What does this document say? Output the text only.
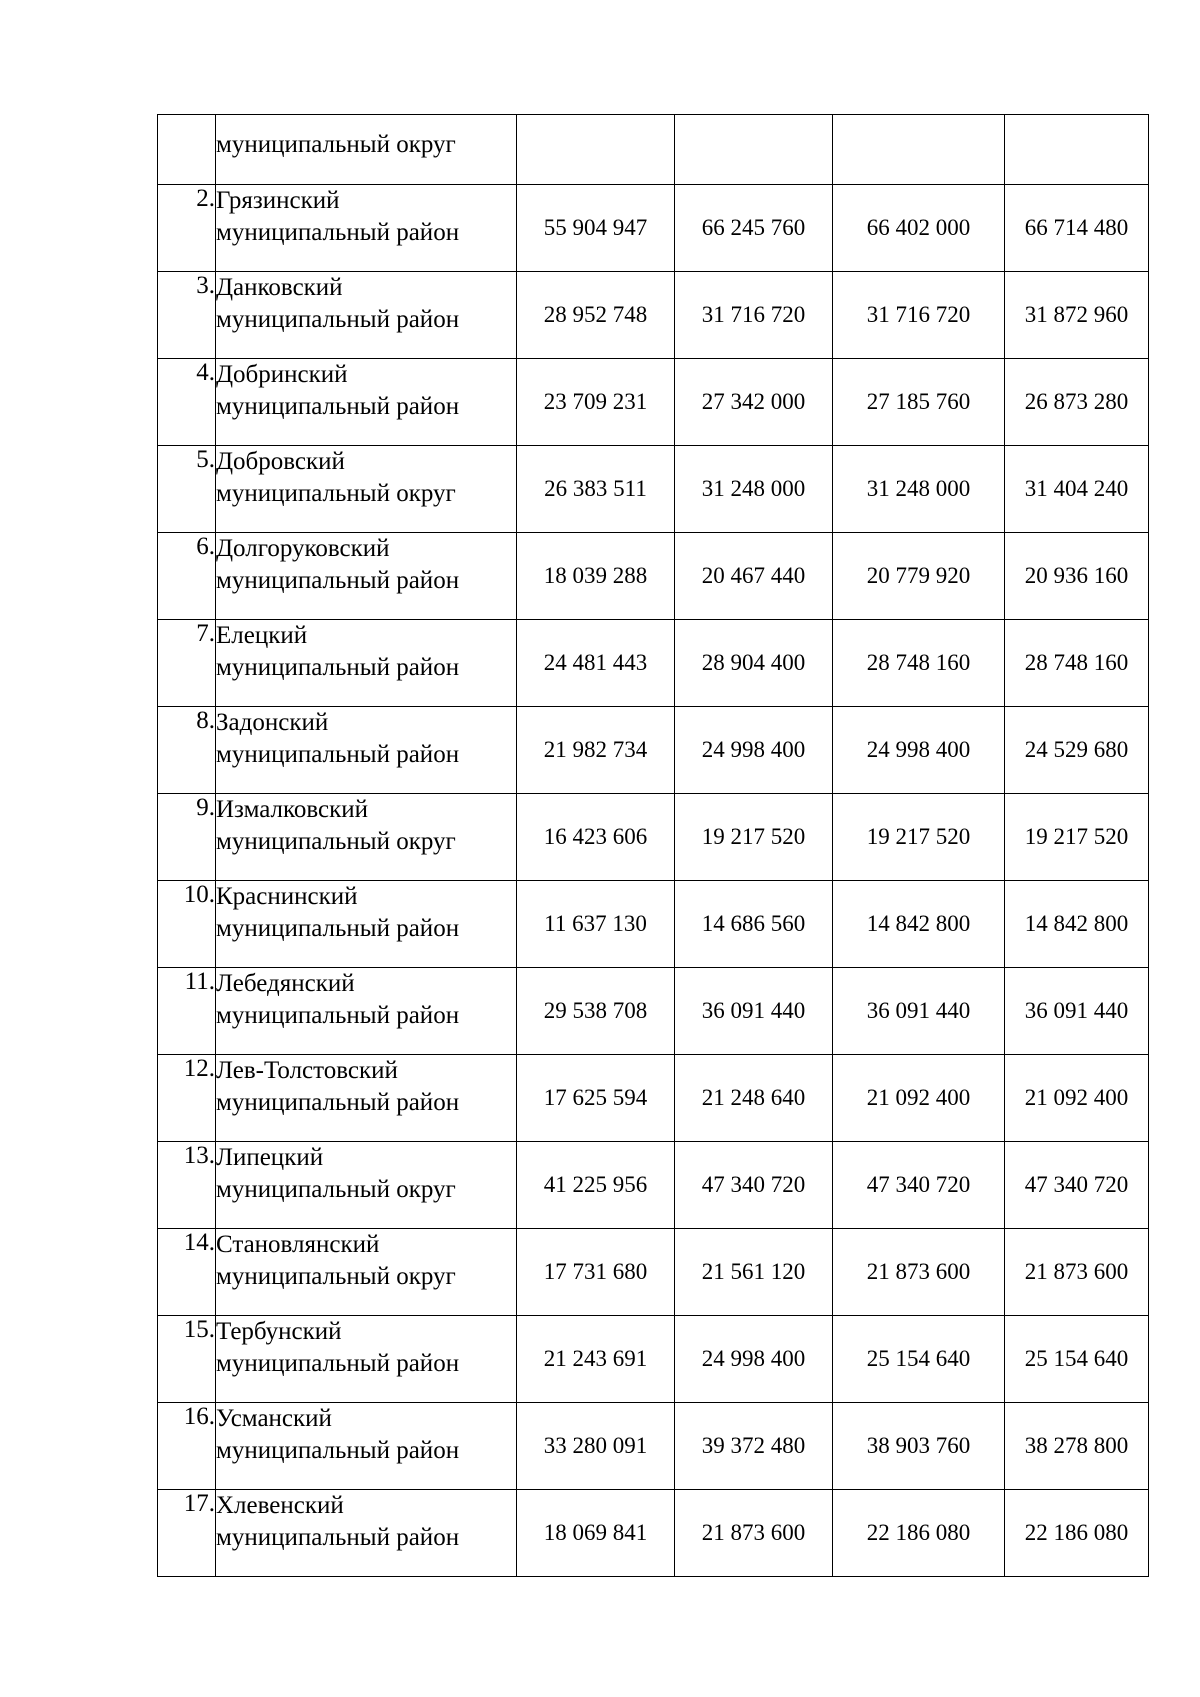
	муниципальный округ				

2.	Грязинский
муниципальный район	55 904 947	66 245 760	66 402 000	66 714 480
3.	Данковский
муниципальный район	28 952 748	31 716 720	31 716 720	31 872 960
4.	Добринский
муниципальный район	23 709 231	27 342 000	27 185 760	26 873 280
5.	Добровский
муниципальный округ	26 383 511	31 248 000	31 248 000	31 404 240
6.	Долгоруковский
муниципальный район	18 039 288	20 467 440	20 779 920	20 936 160
7.	Елецкий
муниципальный район	24 481 443	28 904 400	28 748 160	28 748 160
8.	Задонский
муниципальный район	21 982 734	24 998 400	24 998 400	24 529 680
9.	Измалковский
муниципальный округ	16 423 606	19 217 520	19 217 520	19 217 520
10.	Краснинский
муниципальный район	11 637 130	14 686 560	14 842 800	14 842 800
11.	Лебедянский
муниципальный район	29 538 708	36 091 440	36 091 440	36 091 440
12.	Лев-Толстовский
муниципальный район	17 625 594	21 248 640	21 092 400	21 092 400
13.	Липецкий
муниципальный округ	41 225 956	47 340 720	47 340 720	47 340 720
14.	Становлянский
муниципальный округ	17 731 680	21 561 120	21 873 600	21 873 600
15.	Тербунский
муниципальный район	21 243 691	24 998 400	25 154 640	25 154 640
16.	Усманский
муниципальный район	33 280 091	39 372 480	38 903 760	38 278 800
17.	Хлевенский
муниципальный район	18 069 841	21 873 600	22 186 080	22 186 080
